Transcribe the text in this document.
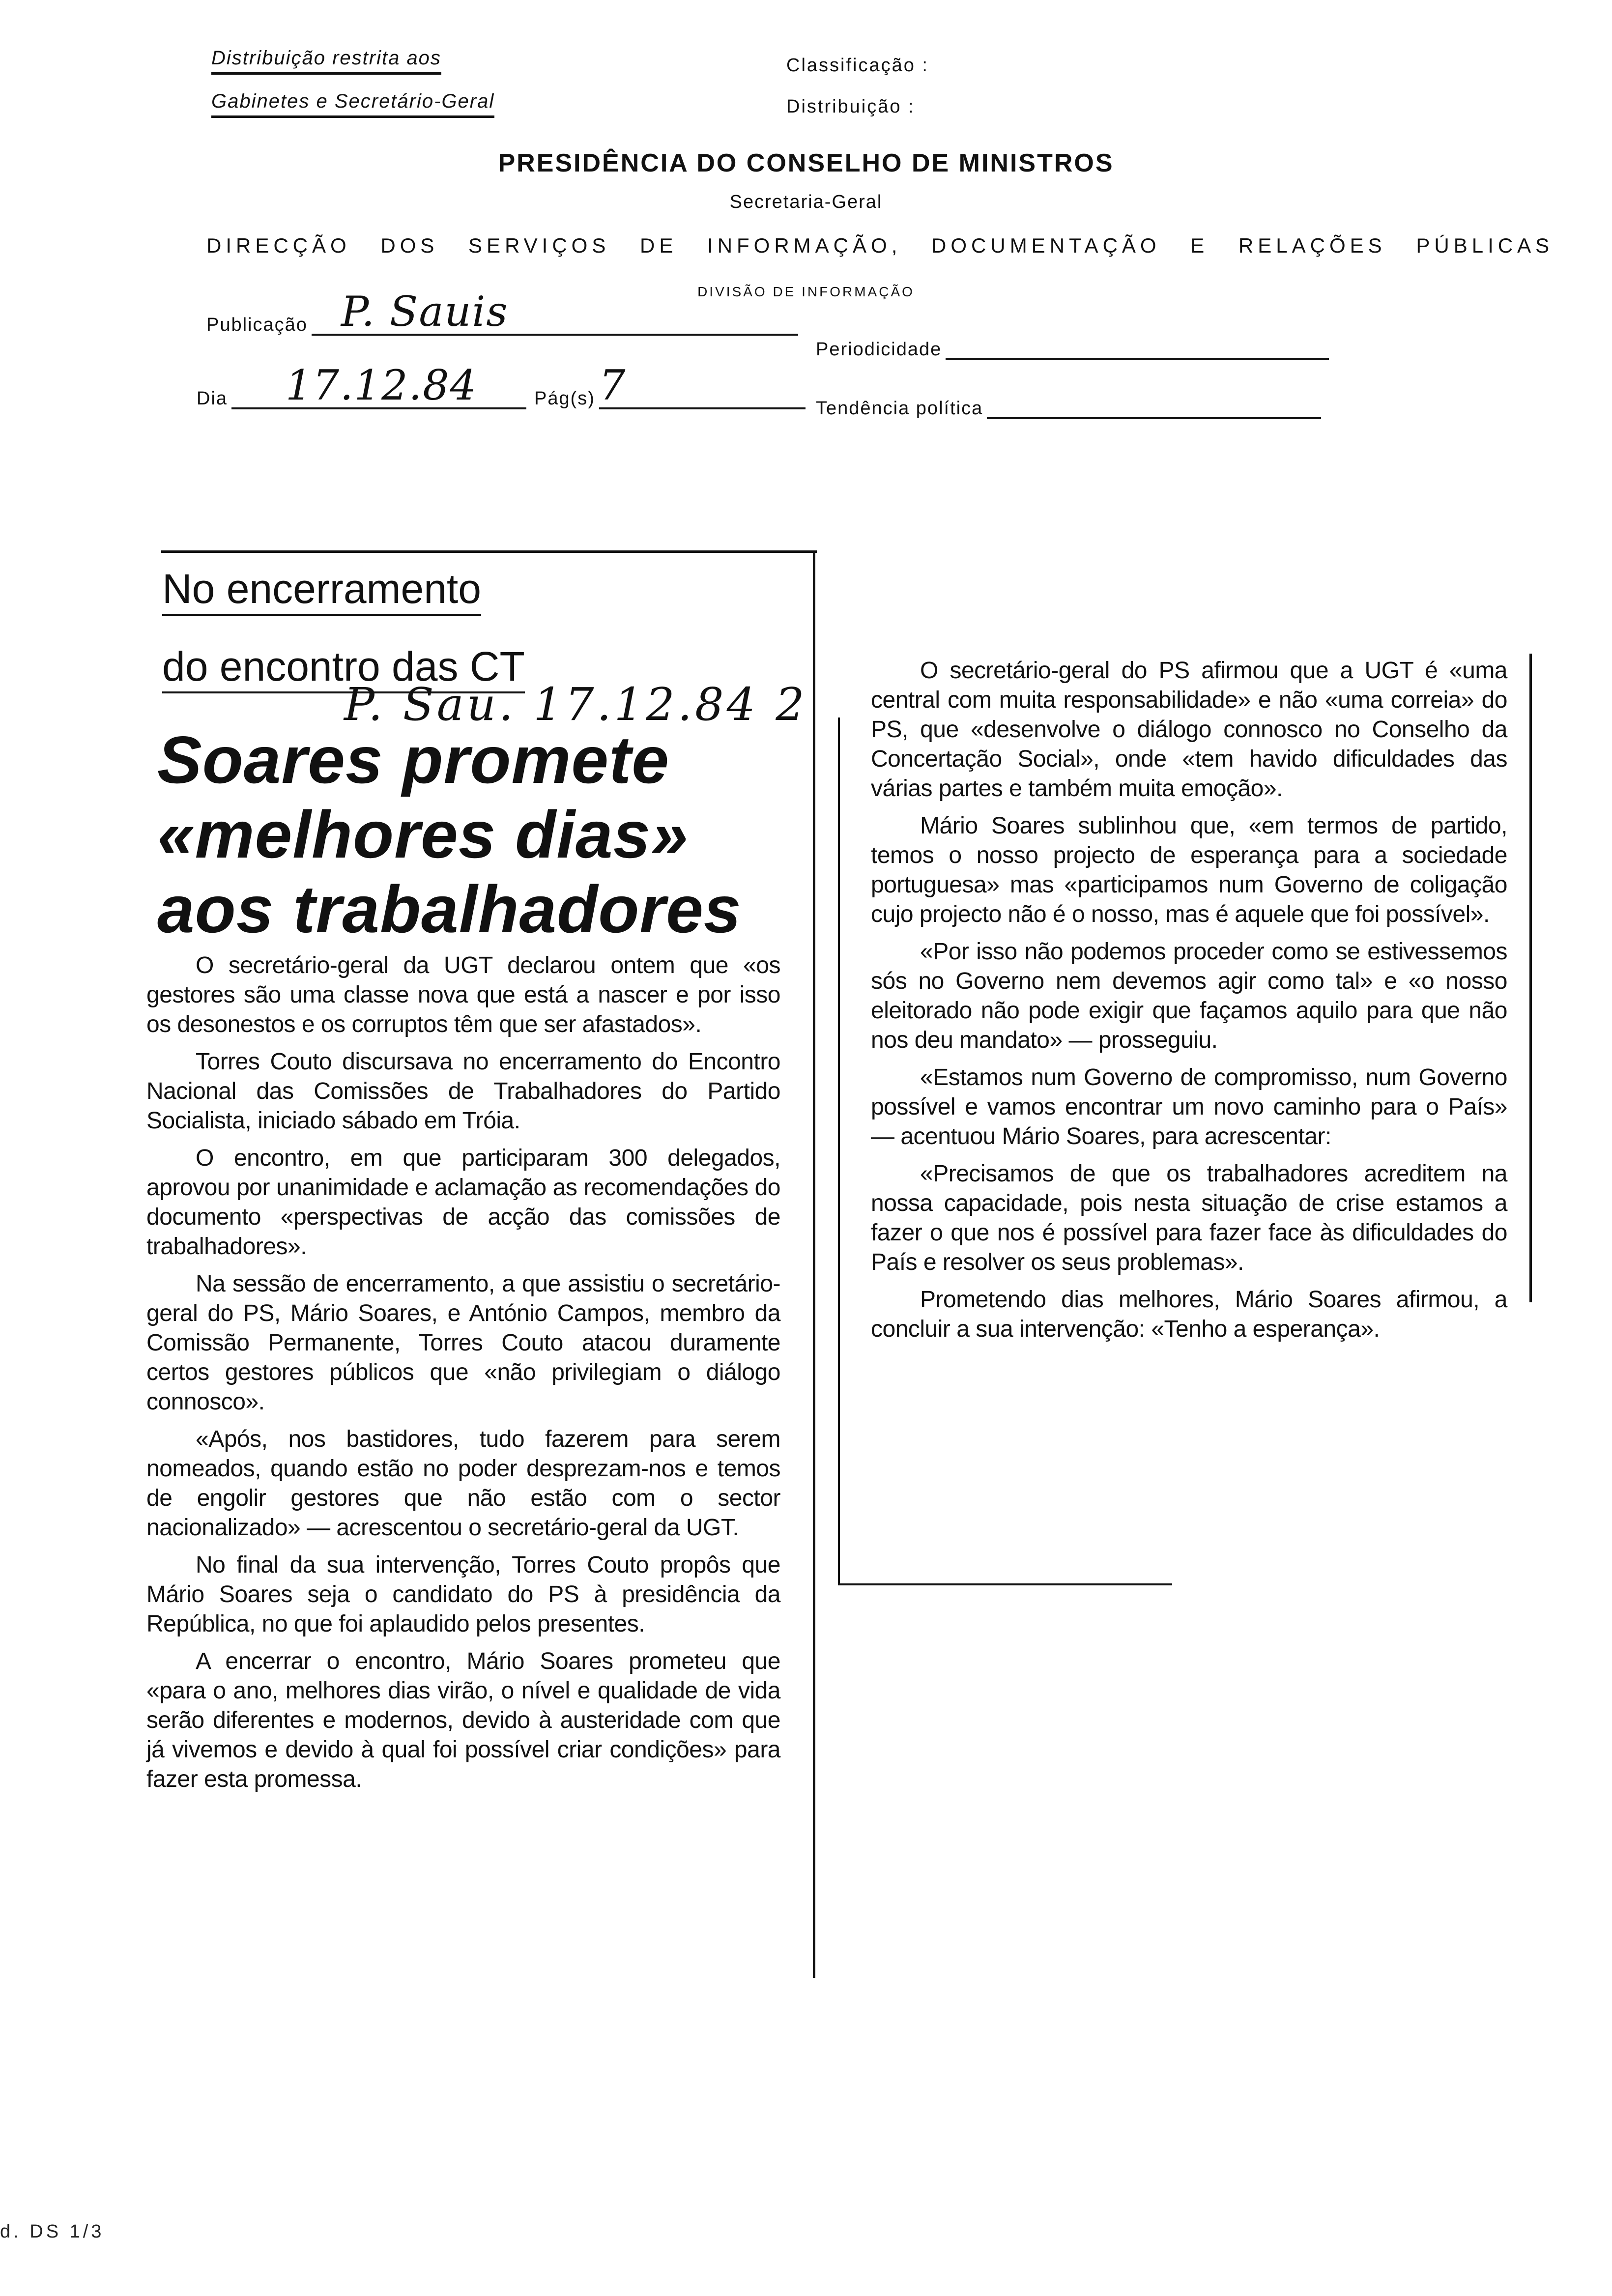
Distribuição restrita aos
Gabinetes e Secretário-Geral
Classificação :
Distribuição :
PRESIDÊNCIA DO CONSELHO DE MINISTROS
Secretaria-Geral
DIRECÇÃO DOS SERVIÇOS DE INFORMAÇÃO, DOCUMENTAÇÃO E RELAÇÕES PÚBLICAS
DIVISÃO DE INFORMAÇÃO
Publicação P. Sauis
Periodicidade
Dia 17.12.84	Pág(s) 7	Tendência política
No encerramento
do encontro das CT
P. Sau. 17.12.84 2
Soares promete
«melhores dias»
aos trabalhadores

O secretário-geral da UGT declarou ontem que «os gestores são uma classe nova que está a nascer e por isso os desonestos e os corruptos têm que ser afastados».

Torres Couto discursava no encerramento do Encontro Nacional das Comissões de Trabalhadores do Partido Socialista, iniciado sábado em Tróia.

O encontro, em que participaram 300 delegados, aprovou por unanimidade e aclamação as recomendações do documento «perspectivas de acção das comissões de trabalhadores».

Na sessão de encerramento, a que assistiu o secretário-geral do PS, Mário Soares, e António Campos, membro da Comissão Permanente, Torres Couto atacou duramente certos gestores públicos que «não privilegiam o diálogo connosco».

«Após, nos bastidores, tudo fazerem para serem nomeados, quando estão no poder desprezam-nos e temos de engolir gestores que não estão com o sector nacionalizado» — acrescentou o secretário-geral da UGT.

No final da sua intervenção, Torres Couto propôs que Mário Soares seja o candidato do PS à presidência da República, no que foi aplaudido pelos presentes.

A encerrar o encontro, Mário Soares prometeu que «para o ano, melhores dias virão, o nível e qualidade de vida serão diferentes e modernos, devido à austeridade com que já vivemos e devido à qual foi possível criar condições» para fazer esta promessa.

O secretário-geral do PS afirmou que a UGT é «uma central com muita responsabilidade» e não «uma correia» do PS, que «desenvolve o diálogo connosco no Conselho da Concertação Social», onde «tem havido dificuldades das várias partes e também muita emoção».

Mário Soares sublinhou que, «em termos de partido, temos o nosso projecto de esperança para a sociedade portuguesa» mas «participamos num Governo de coligação cujo projecto não é o nosso, mas é aquele que foi possível».

«Por isso não podemos proceder como se estivessemos sós no Governo nem devemos agir como tal» e «o nosso eleitorado não pode exigir que façamos aquilo para que não nos deu mandato» — prosseguiu.

«Estamos num Governo de compromisso, num Governo possível e vamos encontrar um novo caminho para o País» — acentuou Mário Soares, para acrescentar:

«Precisamos de que os trabalhadores acreditem na nossa capacidade, pois nesta situação de crise estamos a fazer o que nos é possível para fazer face às dificuldades do País e resolver os seus problemas».

Prometendo dias melhores, Mário Soares afirmou, a concluir a sua intervenção: «Tenho a esperança».

d. DS 1/3
